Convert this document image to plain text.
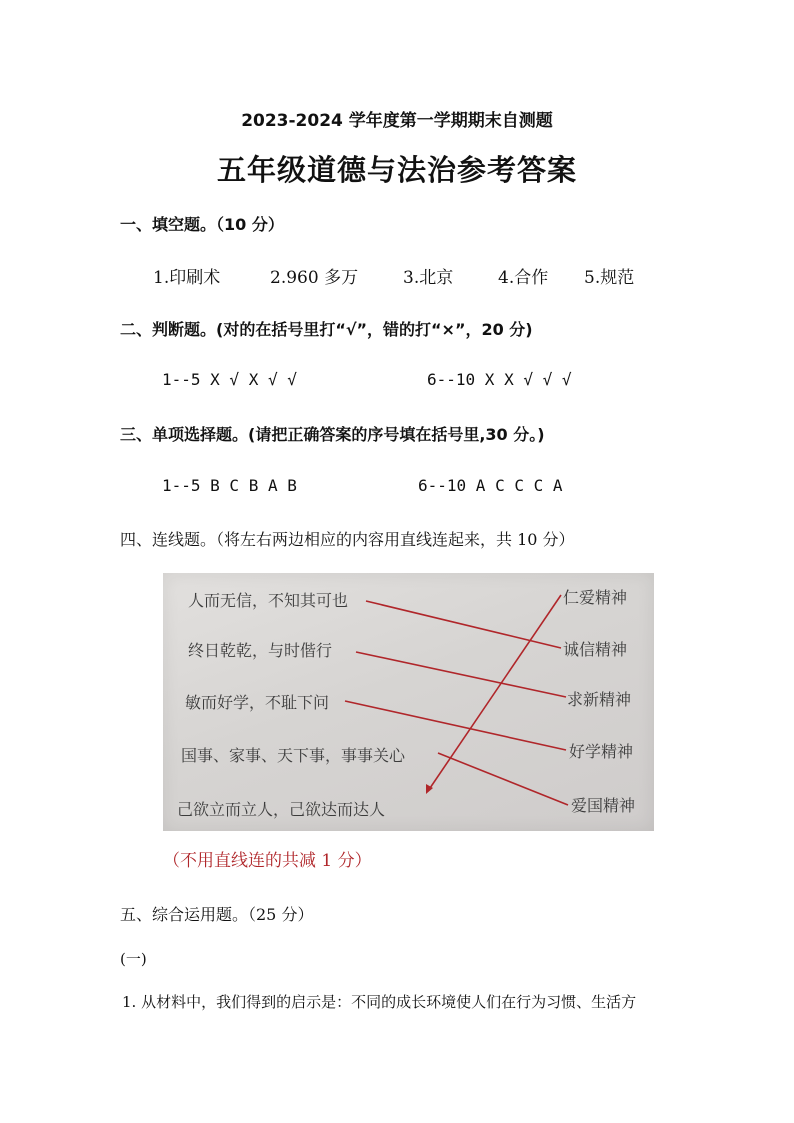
2023-2024 学年度第一学期期末自测题
五年级道德与法治参考答案
一、填空题。（10 分）
1.印刷术	2.960 多万	3.北京	4.合作 5.规范
二、判断题。(对的在括号里打“√”，错的打“×”，20 分)
1--5 X √ X √ √	6--10 X X √ √ √
三、单项选择题。(请把正确答案的序号填在括号里,30 分。)
1--5 B C B A B	6--10 A C C C A
四、连线题。（将左右两边相应的内容用直线连起来，共 10 分）
人而无信，不知其可也
终日乾乾，与时偕行
敏而好学，不耻下问
国事、家事、天下事，事事关心
己欲立而立人，己欲达而达人
仁爱精神
诚信精神
求新精神
好学精神
爱国精神
（不用直线连的共减 1 分）
五、综合运用题。（25 分）
(一)
1. 从材料中，我们得到的启示是：不同的成长环境使人们在行为习惯、生活方
